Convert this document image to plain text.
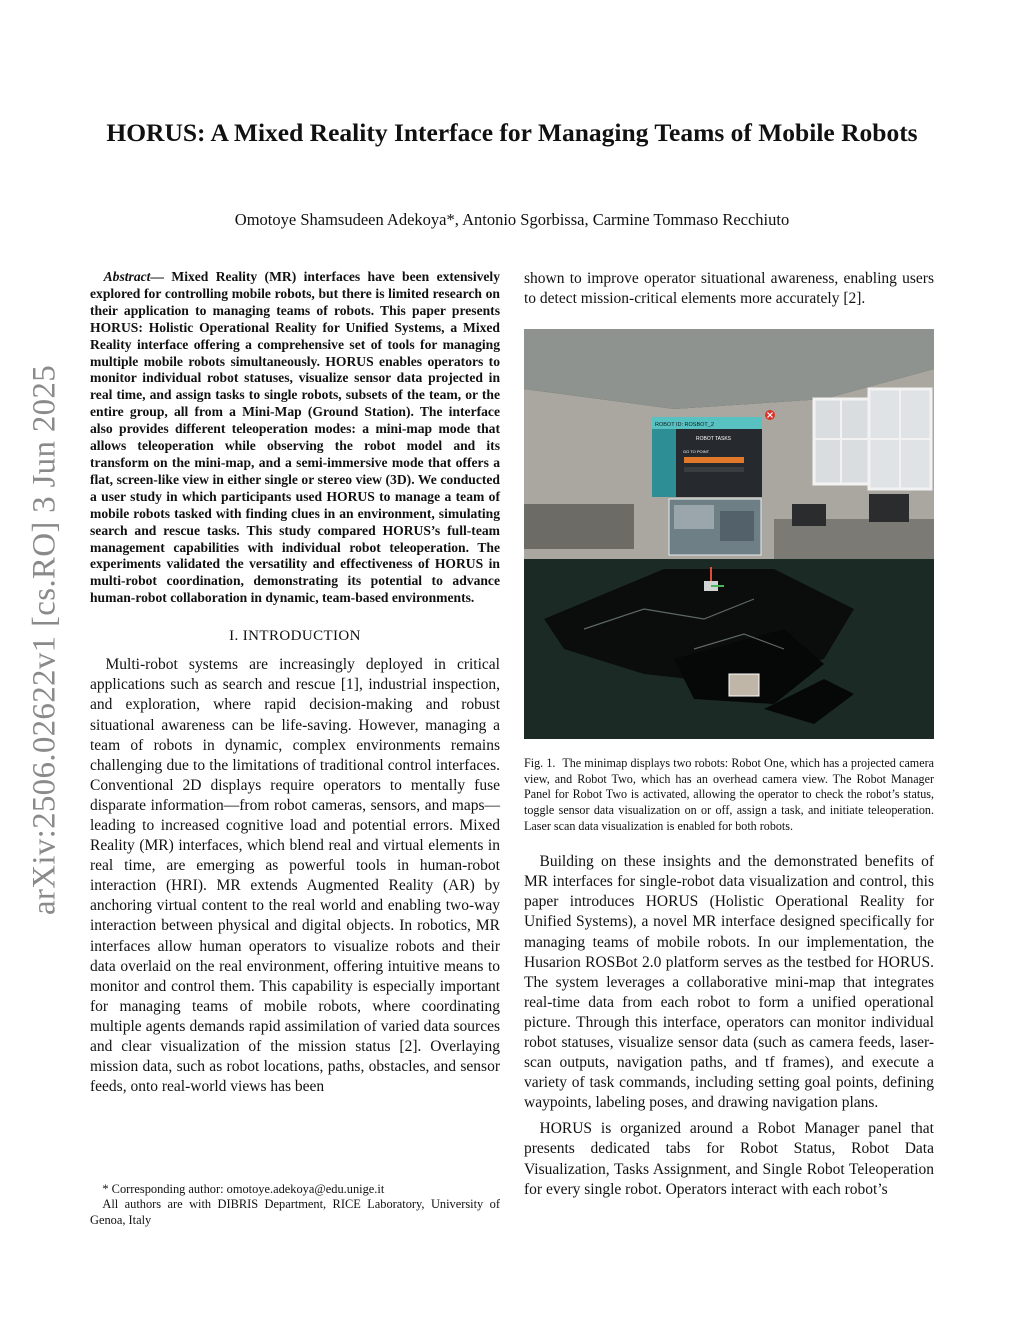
arXiv:2506.02622v1 [cs.RO] 3 Jun 2025
HORUS: A Mixed Reality Interface for Managing Teams of Mobile Robots

Omotoye Shamsudeen Adekoya*, Antonio Sgorbissa, Carmine Tommaso Recchiuto

Abstract— Mixed Reality (MR) interfaces have been extensively explored for controlling mobile robots, but there is limited research on their application to managing teams of robots. This paper presents HORUS: Holistic Operational Reality for Unified Systems, a Mixed Reality interface offering a comprehensive set of tools for managing multiple mobile robots simultaneously. HORUS enables operators to monitor individual robot statuses, visualize sensor data projected in real time, and assign tasks to single robots, subsets of the team, or the entire group, all from a Mini-Map (Ground Station). The interface also provides different teleoperation modes: a mini-map mode that allows teleoperation while observing the robot model and its transform on the mini-map, and a semi-immersive mode that offers a flat, screen-like view in either single or stereo view (3D). We conducted a user study in which participants used HORUS to manage a team of mobile robots tasked with finding clues in an environment, simulating search and rescue tasks. This study compared HORUS’s full-team management capabilities with individual robot teleoperation. The experiments validated the versatility and effectiveness of HORUS in multi-robot coordination, demonstrating its potential to advance human-robot collaboration in dynamic, team-based environments.

I. INTRODUCTION

Multi-robot systems are increasingly deployed in critical applications such as search and rescue [1], industrial inspection, and exploration, where rapid decision-making and robust situational awareness can be life-saving. However, managing a team of robots in dynamic, complex environments remains challenging due to the limitations of traditional control interfaces. Conventional 2D displays require operators to mentally fuse disparate information—from robot cameras, sensors, and maps—leading to increased cognitive load and potential errors. Mixed Reality (MR) interfaces, which blend real and virtual elements in real time, are emerging as powerful tools in human-robot interaction (HRI). MR extends Augmented Reality (AR) by anchoring virtual content to the real world and enabling two-way interaction between physical and digital objects. In robotics, MR interfaces allow human operators to visualize robots and their data overlaid on the real environment, offering intuitive means to monitor and control them. This capability is especially important for managing teams of mobile robots, where coordinating multiple agents demands rapid assimilation of varied data sources and clear visualization of the mission status [2]. Overlaying mission data, such as robot locations, paths, obstacles, and sensor feeds, onto real-world views has been

* Corresponding author: omotoye.adekoya@edu.unige.it

All authors are with DIBRIS Department, RICE Laboratory, University of Genoa, Italy

shown to improve operator situational awareness, enabling users to detect mission-critical elements more accurately [2].

ROBOT ID: ROSBOT_2
ROBOT TASKS
GO TO POINT

Fig. 1. The minimap displays two robots: Robot One, which has a projected camera view, and Robot Two, which has an overhead camera view. The Robot Manager Panel for Robot Two is activated, allowing the operator to check the robot’s status, toggle sensor data visualization on or off, assign a task, and initiate teleoperation. Laser scan data visualization is enabled for both robots.

Building on these insights and the demonstrated benefits of MR interfaces for single-robot data visualization and control, this paper introduces HORUS (Holistic Operational Reality for Unified Systems), a novel MR interface designed specifically for managing teams of mobile robots. In our implementation, the Husarion ROSBot 2.0 platform serves as the testbed for HORUS. The system leverages a collaborative mini-map that integrates real-time data from each robot to form a unified operational picture. Through this interface, operators can monitor individual robot statuses, visualize sensor data (such as camera feeds, laser-scan outputs, navigation paths, and tf frames), and execute a variety of task commands, including setting goal points, defining waypoints, labeling poses, and drawing navigation plans.

HORUS is organized around a Robot Manager panel that presents dedicated tabs for Robot Status, Robot Data Visualization, Tasks Assignment, and Single Robot Teleoperation for every single robot. Operators interact with each robot’s
